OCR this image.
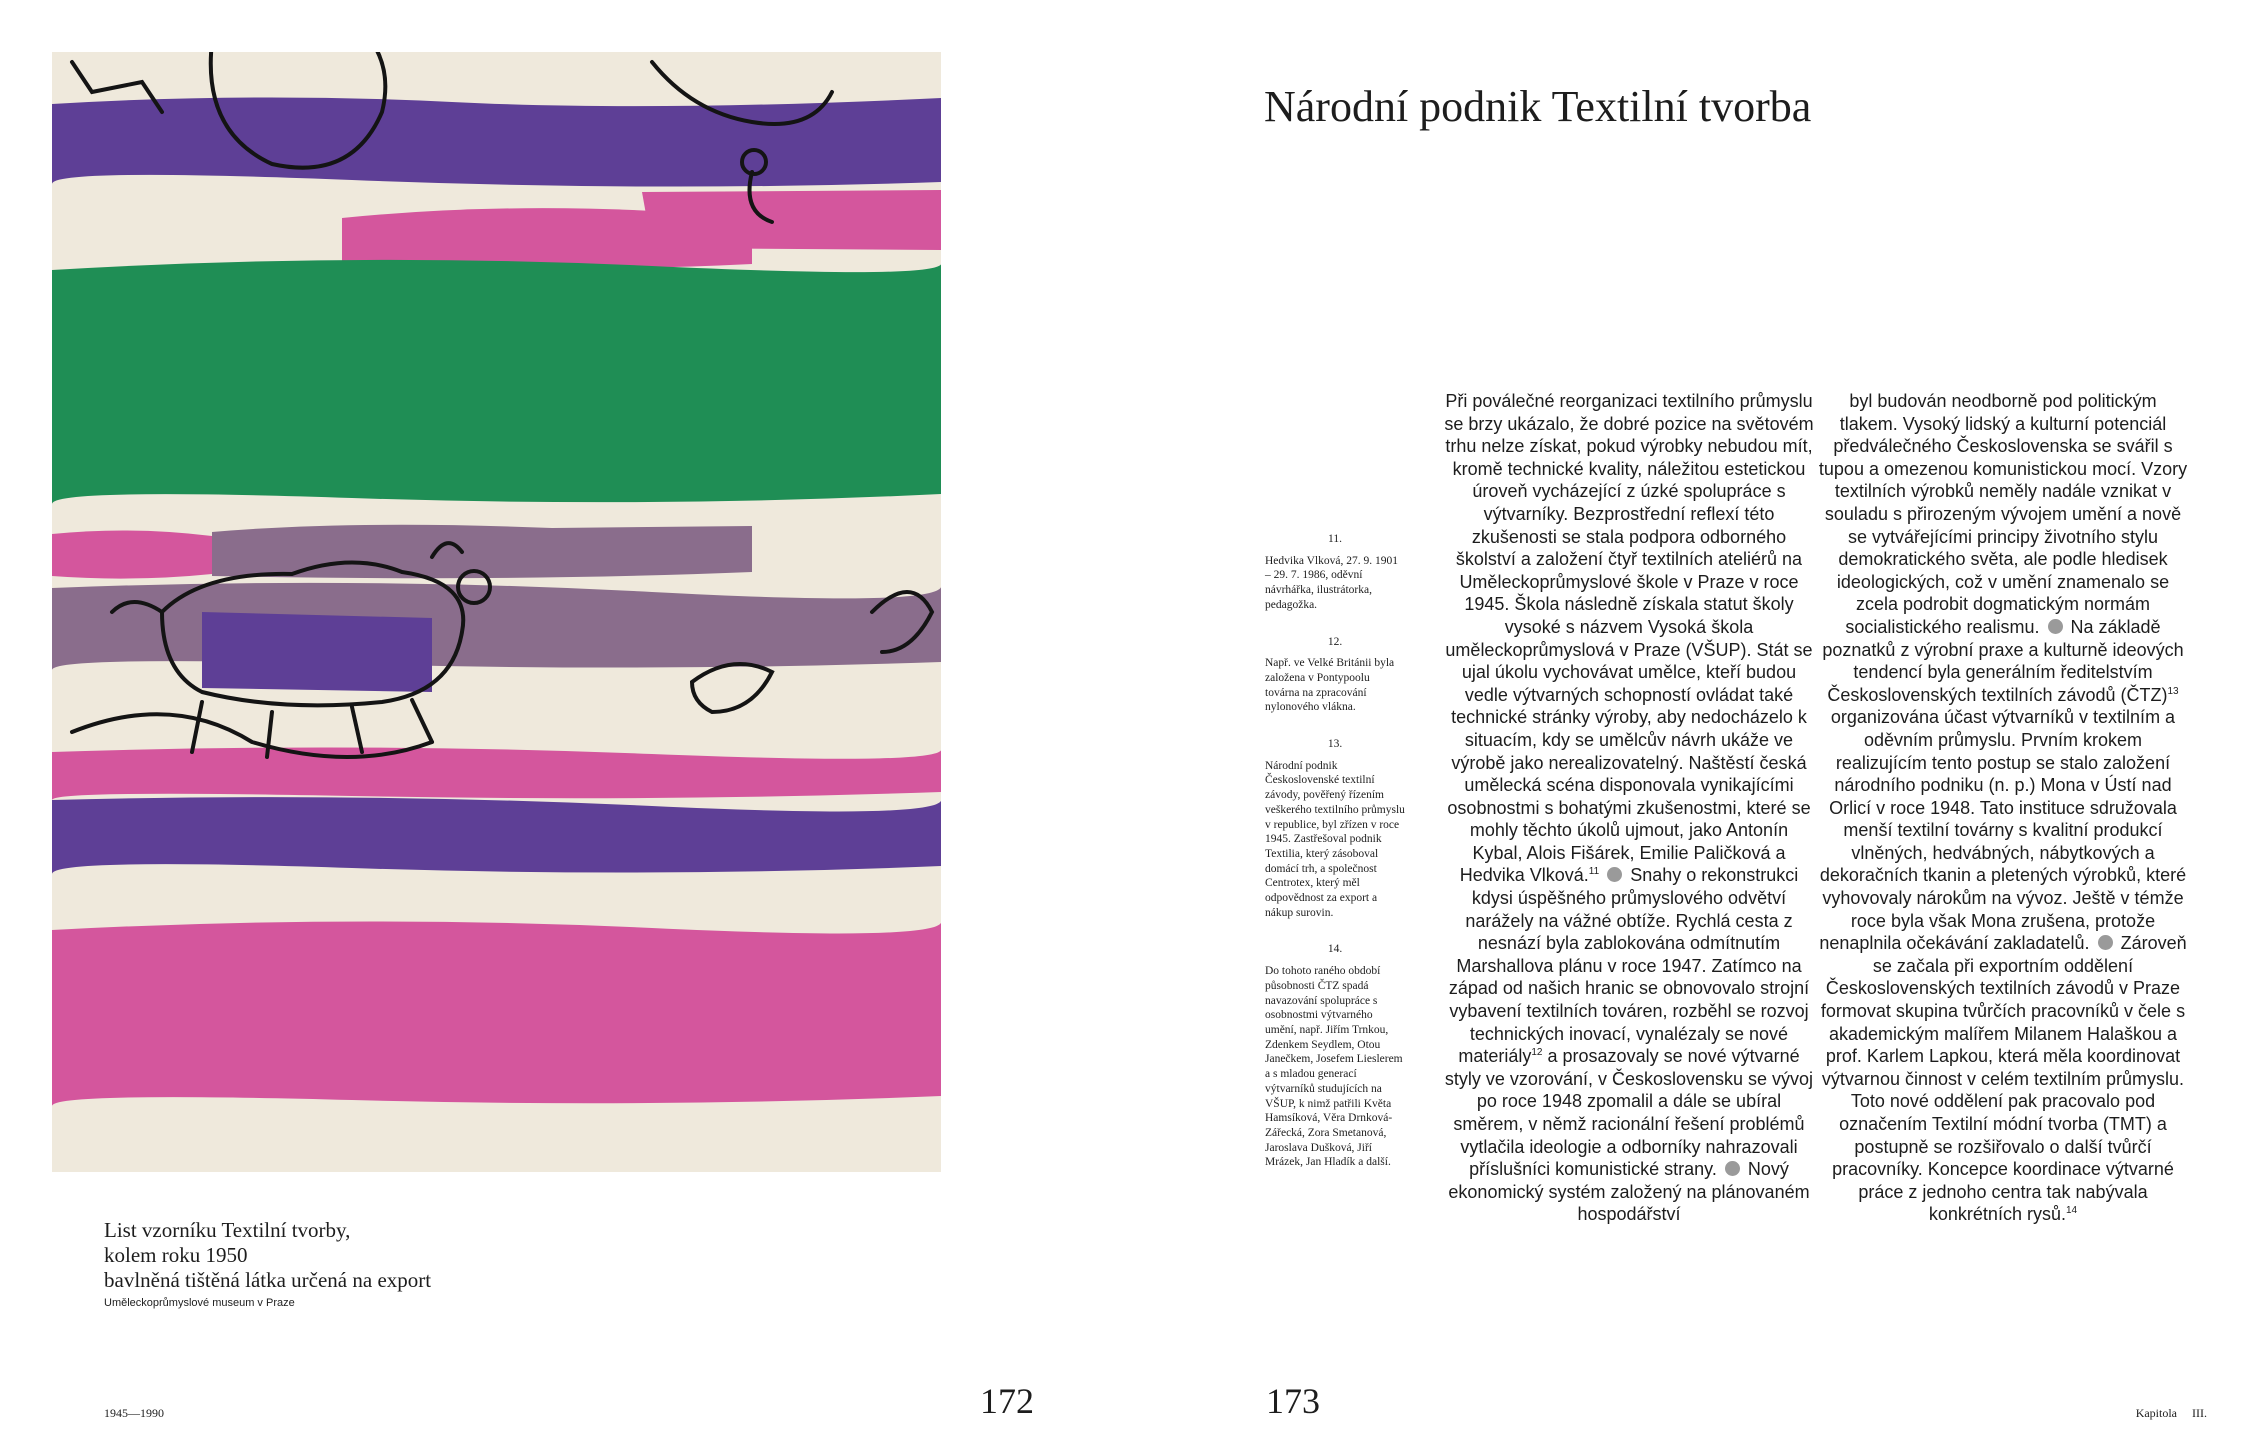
List vzorníku Textilní tvorby,
kolem roku 1950
bavlněná tištěná látka určená na export
Uměleckoprůmyslové museum v Praze
1945—1990	172	173	Kapitola     III.
Národní podnik Textilní tvorba
11.
Hedvika Vlková, 27. 9. 1901 – 29. 7. 1986, oděvní návrhářka, ilustrátorka, pedagožka.
12.
Např. ve Velké Británii byla založena v Pontypoolu továrna na zpracování nylonového vlákna.
13.
Národní podnik Československé textilní závody, pověřený řízením veškerého textilního průmyslu v republice, byl zřízen v roce 1945. Zastřešoval podnik Textilia, který zásoboval domácí trh, a společnost Centrotex, který měl odpovědnost za export a nákup surovin.
14.
Do tohoto raného období působnosti ČTZ spadá navazování spolupráce s osobnostmi výtvarného umění, např. Jiřím Trnkou, Zdenkem Seydlem, Otou Janečkem, Josefem Lieslerem a s mladou generací výtvarníků studujících na VŠUP, k nimž patřili Květa Hamsíková, Věra Drnková-Zářecká, Zora Smetanová, Jaroslava Dušková, Jiří Mrázek, Jan Hladík a další.
Při poválečné reorganizaci textilního průmyslu se brzy ukázalo, že dobré pozice na světovém trhu nelze získat, pokud výrobky nebudou mít, kromě technické kvality, náležitou estetickou úroveň vycházející z úzké spolupráce s výtvarníky. Bezprostřední reflexí této zkušenosti se stala podpora odborného školství a založení čtyř textilních ateliérů na Uměleckoprůmyslové škole v Praze v roce 1945. Škola následně získala statut školy vysoké s názvem Vysoká škola uměleckoprůmyslová v Praze (VŠUP). Stát se ujal úkolu vychovávat umělce, kteří budou vedle výtvarných schopností ovládat také technické stránky výroby, aby nedocházelo k situacím, kdy se umělcův návrh ukáže ve výrobě jako nerealizovatelný. Naštěstí česká umělecká scéna disponovala vynikajícími osobnostmi s bohatými zkušenostmi, které se mohly těchto úkolů ujmout, jako Antonín Kybal, Alois Fišárek, Emilie Paličková a Hedvika Vlková.$^{11}$ Snahy o rekonstrukci kdysi úspěšného průmyslového odvětví narážely na vážné obtíže. Rychlá cesta z nesnází byla zablokována odmítnutím Marshallova plánu v roce 1947. Zatímco na západ od našich hranic se obnovovalo strojní vybavení textilních továren, rozběhl se rozvoj technických inovací, vynalézaly se nové materiály$^{12}$ a prosazovaly se nové výtvarné styly ve vzorování, v Československu se vývoj po roce 1948 zpomalil a dále se ubíral směrem, v němž racionální řešení problémů vytlačila ideologie a odborníky nahrazovali příslušníci komunistické strany. Nový ekonomický systém založený na plánovaném hospodářství
byl budován neodborně pod politickým tlakem. Vysoký lidský a kulturní potenciál předválečného Československa se svářil s tupou a omezenou komunistickou mocí. Vzory textilních výrobků neměly nadále vznikat v souladu s přirozeným vývojem umění a nově se vytvářejícími principy životního stylu demokratického světa, ale podle hledisek ideologických, což v umění znamenalo se zcela podrobit dogmatickým normám socialistického realismu. Na základě poznatků z výrobní praxe a kulturně ideových tendencí byla generálním ředitelstvím Československých textilních závodů (ČTZ)$^{13}$ organizována účast výtvarníků v textilním a oděvním průmyslu. Prvním krokem realizujícím tento postup se stalo založení národního podniku (n. p.) Mona v Ústí nad Orlicí v roce 1948. Tato instituce sdružovala menší textilní továrny s kvalitní produkcí vlněných, hedvábných, nábytkových a dekoračních tkanin a pletených výrobků, které vyhovovaly nárokům na vývoz. Ještě v témže roce byla však Mona zrušena, protože nenaplnila očekávání zakladatelů. Zároveň se začala při exportním oddělení Československých textilních závodů v Praze formovat skupina tvůrčích pracovníků v čele s akademickým malířem Milanem Halaškou a prof. Karlem Lapkou, která měla koordinovat výtvarnou činnost v celém textilním průmyslu. Toto nové oddělení pak pracovalo pod označením Textilní módní tvorba (TMT) a postupně se rozšiřovalo o další tvůrčí pracovníky. Koncepce koordinace výtvarné práce z jednoho centra tak nabývala konkrétních rysů.$^{14}$
